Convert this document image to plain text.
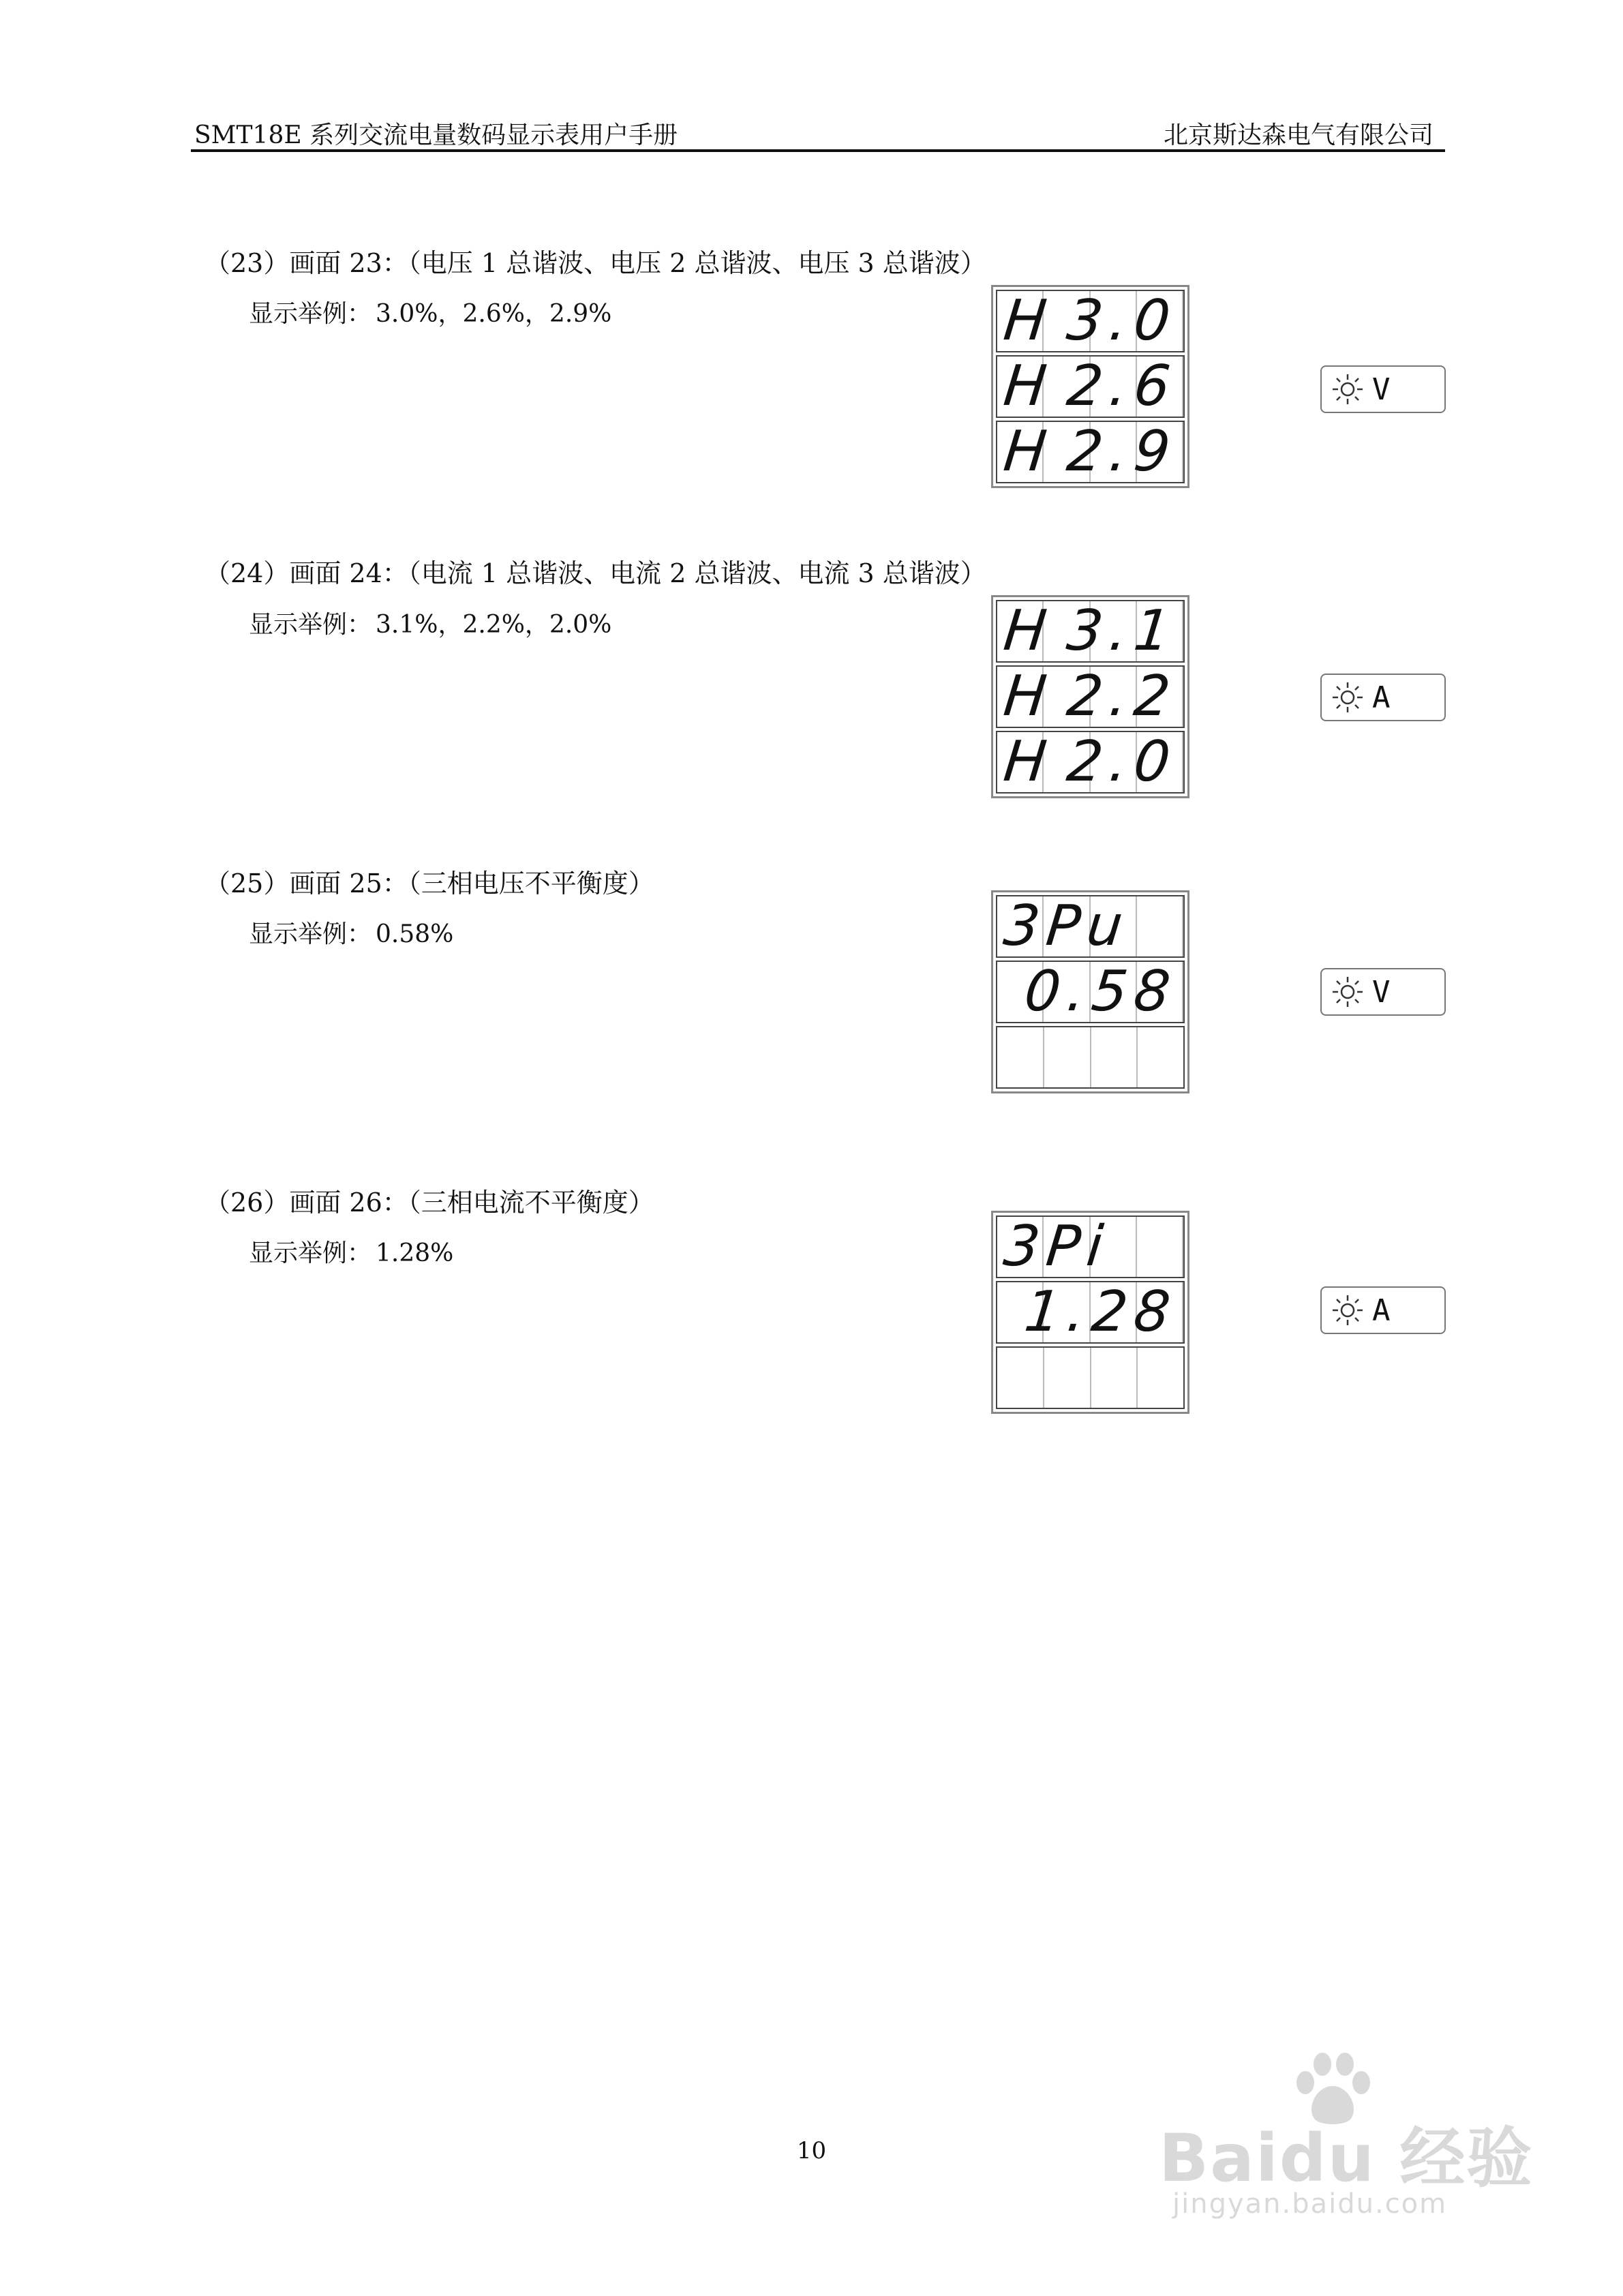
SMT18E 系列交流电量数码显示表用户手册	北京斯达森电气有限公司
（23）画面 23：（电压 1 总谐波、电压 2 总谐波、电压 3 总谐波）
显示举例： 3.0%，2.6%，2.9%	H 3.0
H 2.6
H 2.9
V
（24）画面 24：（电流 1 总谐波、电流 2 总谐波、电流 3 总谐波）
显示举例： 3.1%，2.2%，2.0%	H 3.1
H 2.2
H 2.0
A
（25）画面 25：（三相电压不平衡度）
显示举例： 0.58%	3Pu
0.58	V
（26）画面 26：（三相电流不平衡度）
显示举例： 1.28%	3Pi
1.28	A
10	Baidu 经验
jingyan.baidu.com
